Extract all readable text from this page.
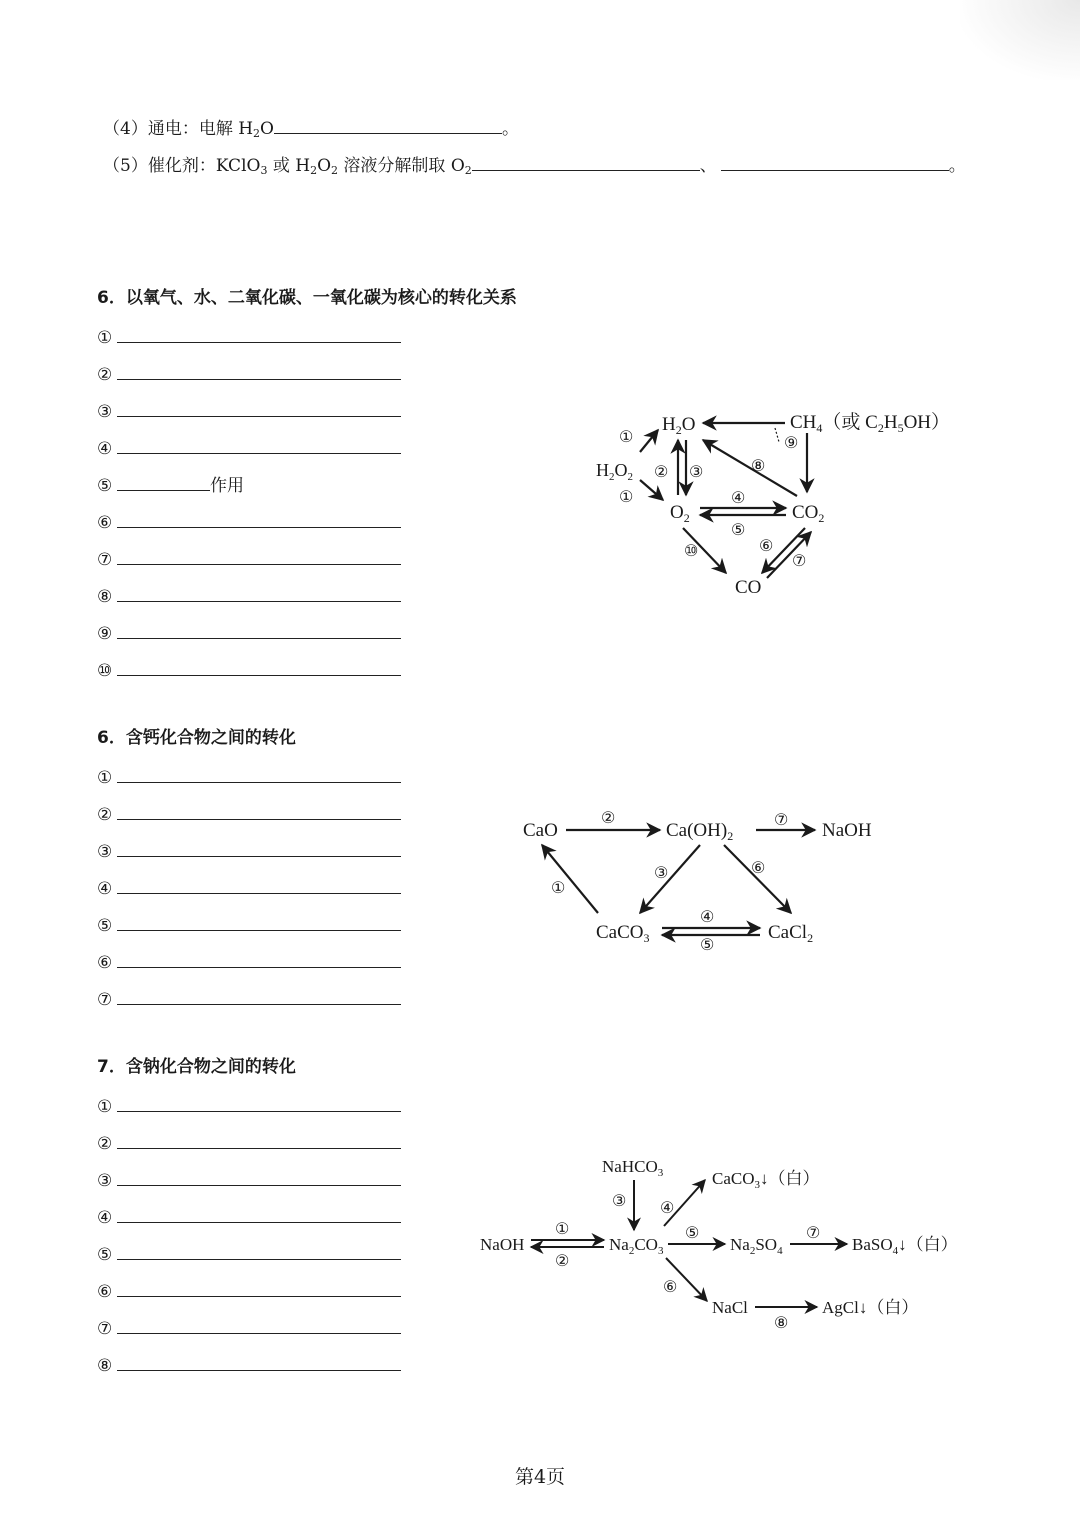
（4）通电：电解 $H_2O$	。
（5）催化剂：KClO$_3$ 或 $H_2O_2$ 溶液分解制取 $O_2$	、	。
6．以氧气、水、二氧化碳、一氧化碳为核心的转化关系
①
②
③
④
⑤	作用
⑥
⑦
⑧
⑨
⑩
$H_2O$	$CH_4$（或 $C_2H_5OH$）
$H_2O_2$
$O_2$	$CO_2$
CO
①
①
② ③
④
⑤
⑥
⑦
⑧
⑨
⑩
6．含钙化合物之间的转化
①
②
③
④
⑤
⑥
⑦
CaO	$Ca(OH)_2$	NaOH
CaCO$_3$	CaCl$_2$
①
②
③
④
⑤
⑥
⑦
7．含钠化合物之间的转化
①
②
③
④
⑤
⑥
⑦
⑧
NaHCO$_3$	CaCO$_3$↓（白）
NaOH	$Na_2CO_3$	$Na_2SO_4$	BaSO$_4$↓（白）
NaCl	AgCl↓（白）
①
②
③ ④
⑤
⑥
⑦
⑧
第4页
